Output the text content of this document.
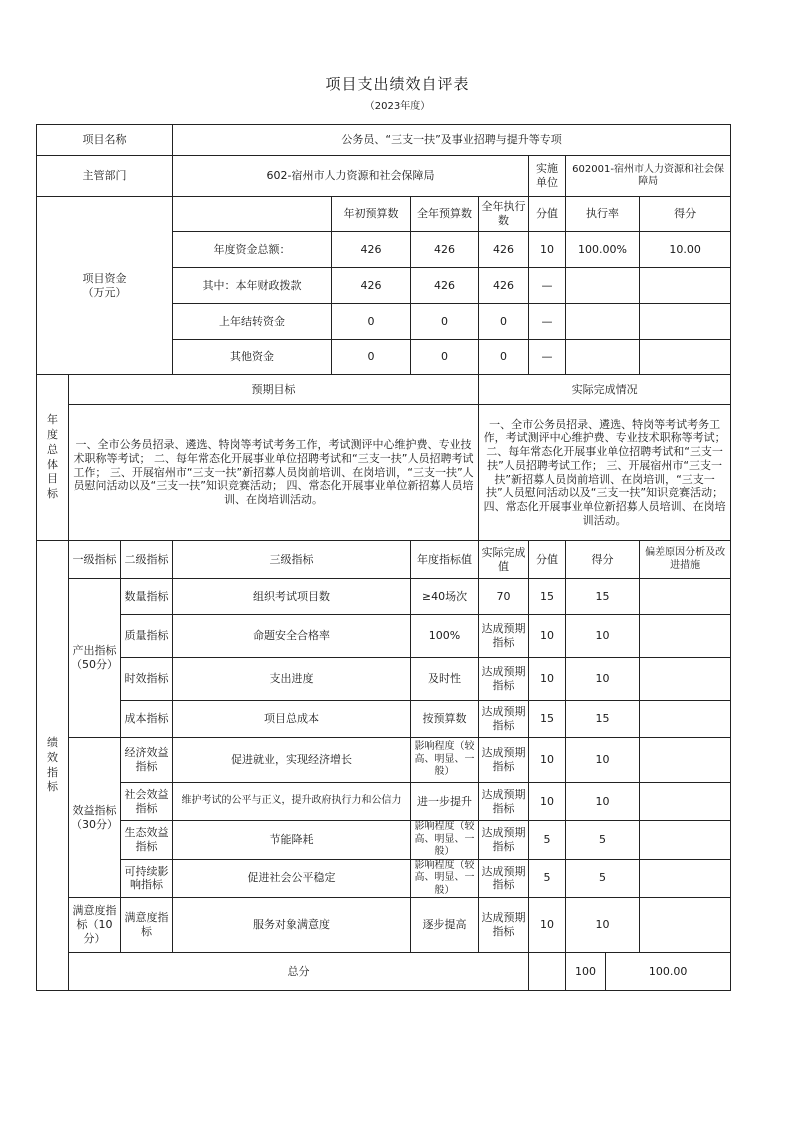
项目支出绩效自评表
（2023年度）
项目名称			公务员、“三支一扶”及事业招聘与提升等专项								
主管部门			602-宿州市人力资源和社会保障局				实施单位	602001-宿州市人力资源和社会保障局			

项目资金
（万元）				年初预算数	全年预算数	全年执行数	分值	执行率		得分	
			年度资金总额：	426	426	426	10	100.00%		10.00	
			其中：本年财政拨款	426	426	426	—				
			上年结转资金	0	0	0	—				
			其他资金	0	0	0	—				
年度总体目标	预期目标					实际完成情况					
	一、全市公务员招录、遴选、特岗等考试考务工作，考试测评中心维护费、专业技术职称等考试； 二、每年常态化开展事业单位招聘考试和“三支一扶”人员招聘考试工作； 三、开展宿州市“三支一扶”新招募人员岗前培训、在岗培训，“三支一扶”人员慰问活动以及“三支一扶”知识竞赛活动； 四、常态化开展事业单位新招募人员培训、在岗培训活动。					一、全市公务员招录、遴选、特岗等考试考务工作，考试测评中心维护费、专业技术职称等考试； 二、每年常态化开展事业单位招聘考试和“三支一扶”人员招聘考试工作； 三、开展宿州市“三支一扶”新招募人员岗前培训、在岗培训，“三支一扶”人员慰问活动以及“三支一扶”知识竞赛活动； 四、常态化开展事业单位新招募人员培训、在岗培训活动。					
绩效指标	一级指标	二级指标	三级指标		年度指标值	实际完成值	分值	得分		偏差原因分析及改进措施	
	产出指标（50分）	数量指标	组织考试项目数		≥40场次	70	15	15			
		质量指标	命题安全合格率		100%	达成预期指标	10	10			
		时效指标	支出进度		及时性	达成预期指标	10	10			
		成本指标	项目总成本		按预算数	达成预期指标	15	15			
	效益指标（30分）	经济效益指标	促进就业，实现经济增长		影响程度（较高、明显、一般）	达成预期指标	10	10			
		社会效益指标	维护考试的公平与正义，提升政府执行力和公信力		进一步提升	达成预期指标	10	10			
		生态效益指标	节能降耗		影响程度（较高、明显、一般）	达成预期指标	5	5			
		可持续影响指标	促进社会公平稳定		影响程度（较高、明显、一般）	达成预期指标	5	5			
	满意度指标（10分）	满意度指标	服务对象满意度		逐步提高	达成预期指标	10	10			
	总分							100	100.00		
